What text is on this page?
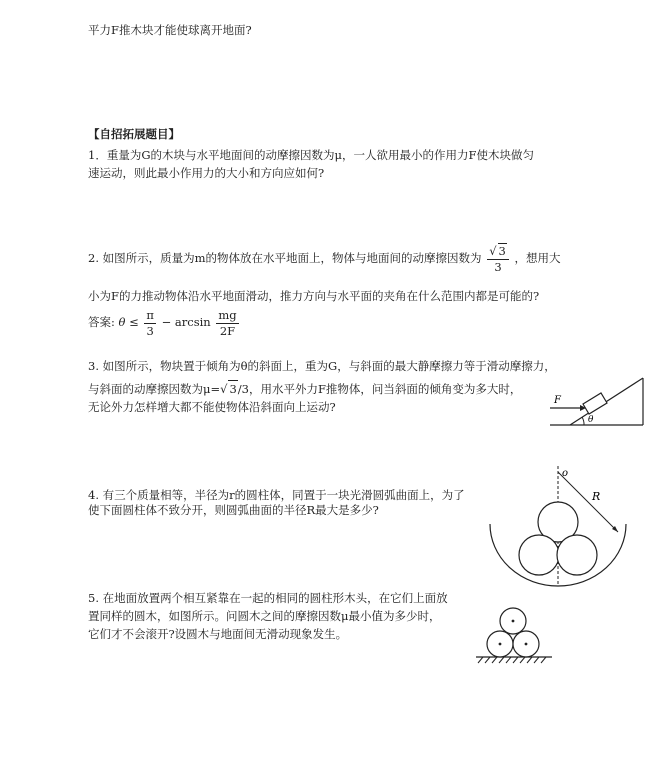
平力F推木块才能使球离开地面?
【自招拓展题目】
1．重量为G的木块与水平地面间的动摩擦因数为μ，一人欲用最小的作用力F使木块做匀
速运动，则此最小作用力的大小和方向应如何?
2. 如图所示，质量为m的物体放在水平地面上，物体与地面间的动摩擦因数为 $\frac{√ 3}{3}$ ，想用大
小为F的力推动物体沿水平地面滑动，推力方向与水平面的夹角在什么范围内都是可能的?
答案: $\theta \le \frac{\pi}{3} - \arcsin \frac{mg}{2F}$
3. 如图所示，物块置于倾角为θ的斜面上，重为G，与斜面的最大静摩擦力等于滑动摩擦力，
与斜面的动摩擦因数为μ=√ 3/3，用水平外力F推物体，问当斜面的倾角变为多大时，
无论外力怎样增大都不能使物体沿斜面向上运动?	F
θ
4. 有三个质量相等，半径为r的圆柱体，同置于一块光滑圆弧曲面上，为了
使下面圆柱体不致分开，则圆弧曲面的半径R最大是多少?
o
R
5. 在地面放置两个相互紧靠在一起的相同的圆柱形木头，在它们上面放
置同样的圆木，如图所示。问圆木之间的摩擦因数μ最小值为多少时，
它们才不会滚开?设圆木与地面间无滑动现象发生。
